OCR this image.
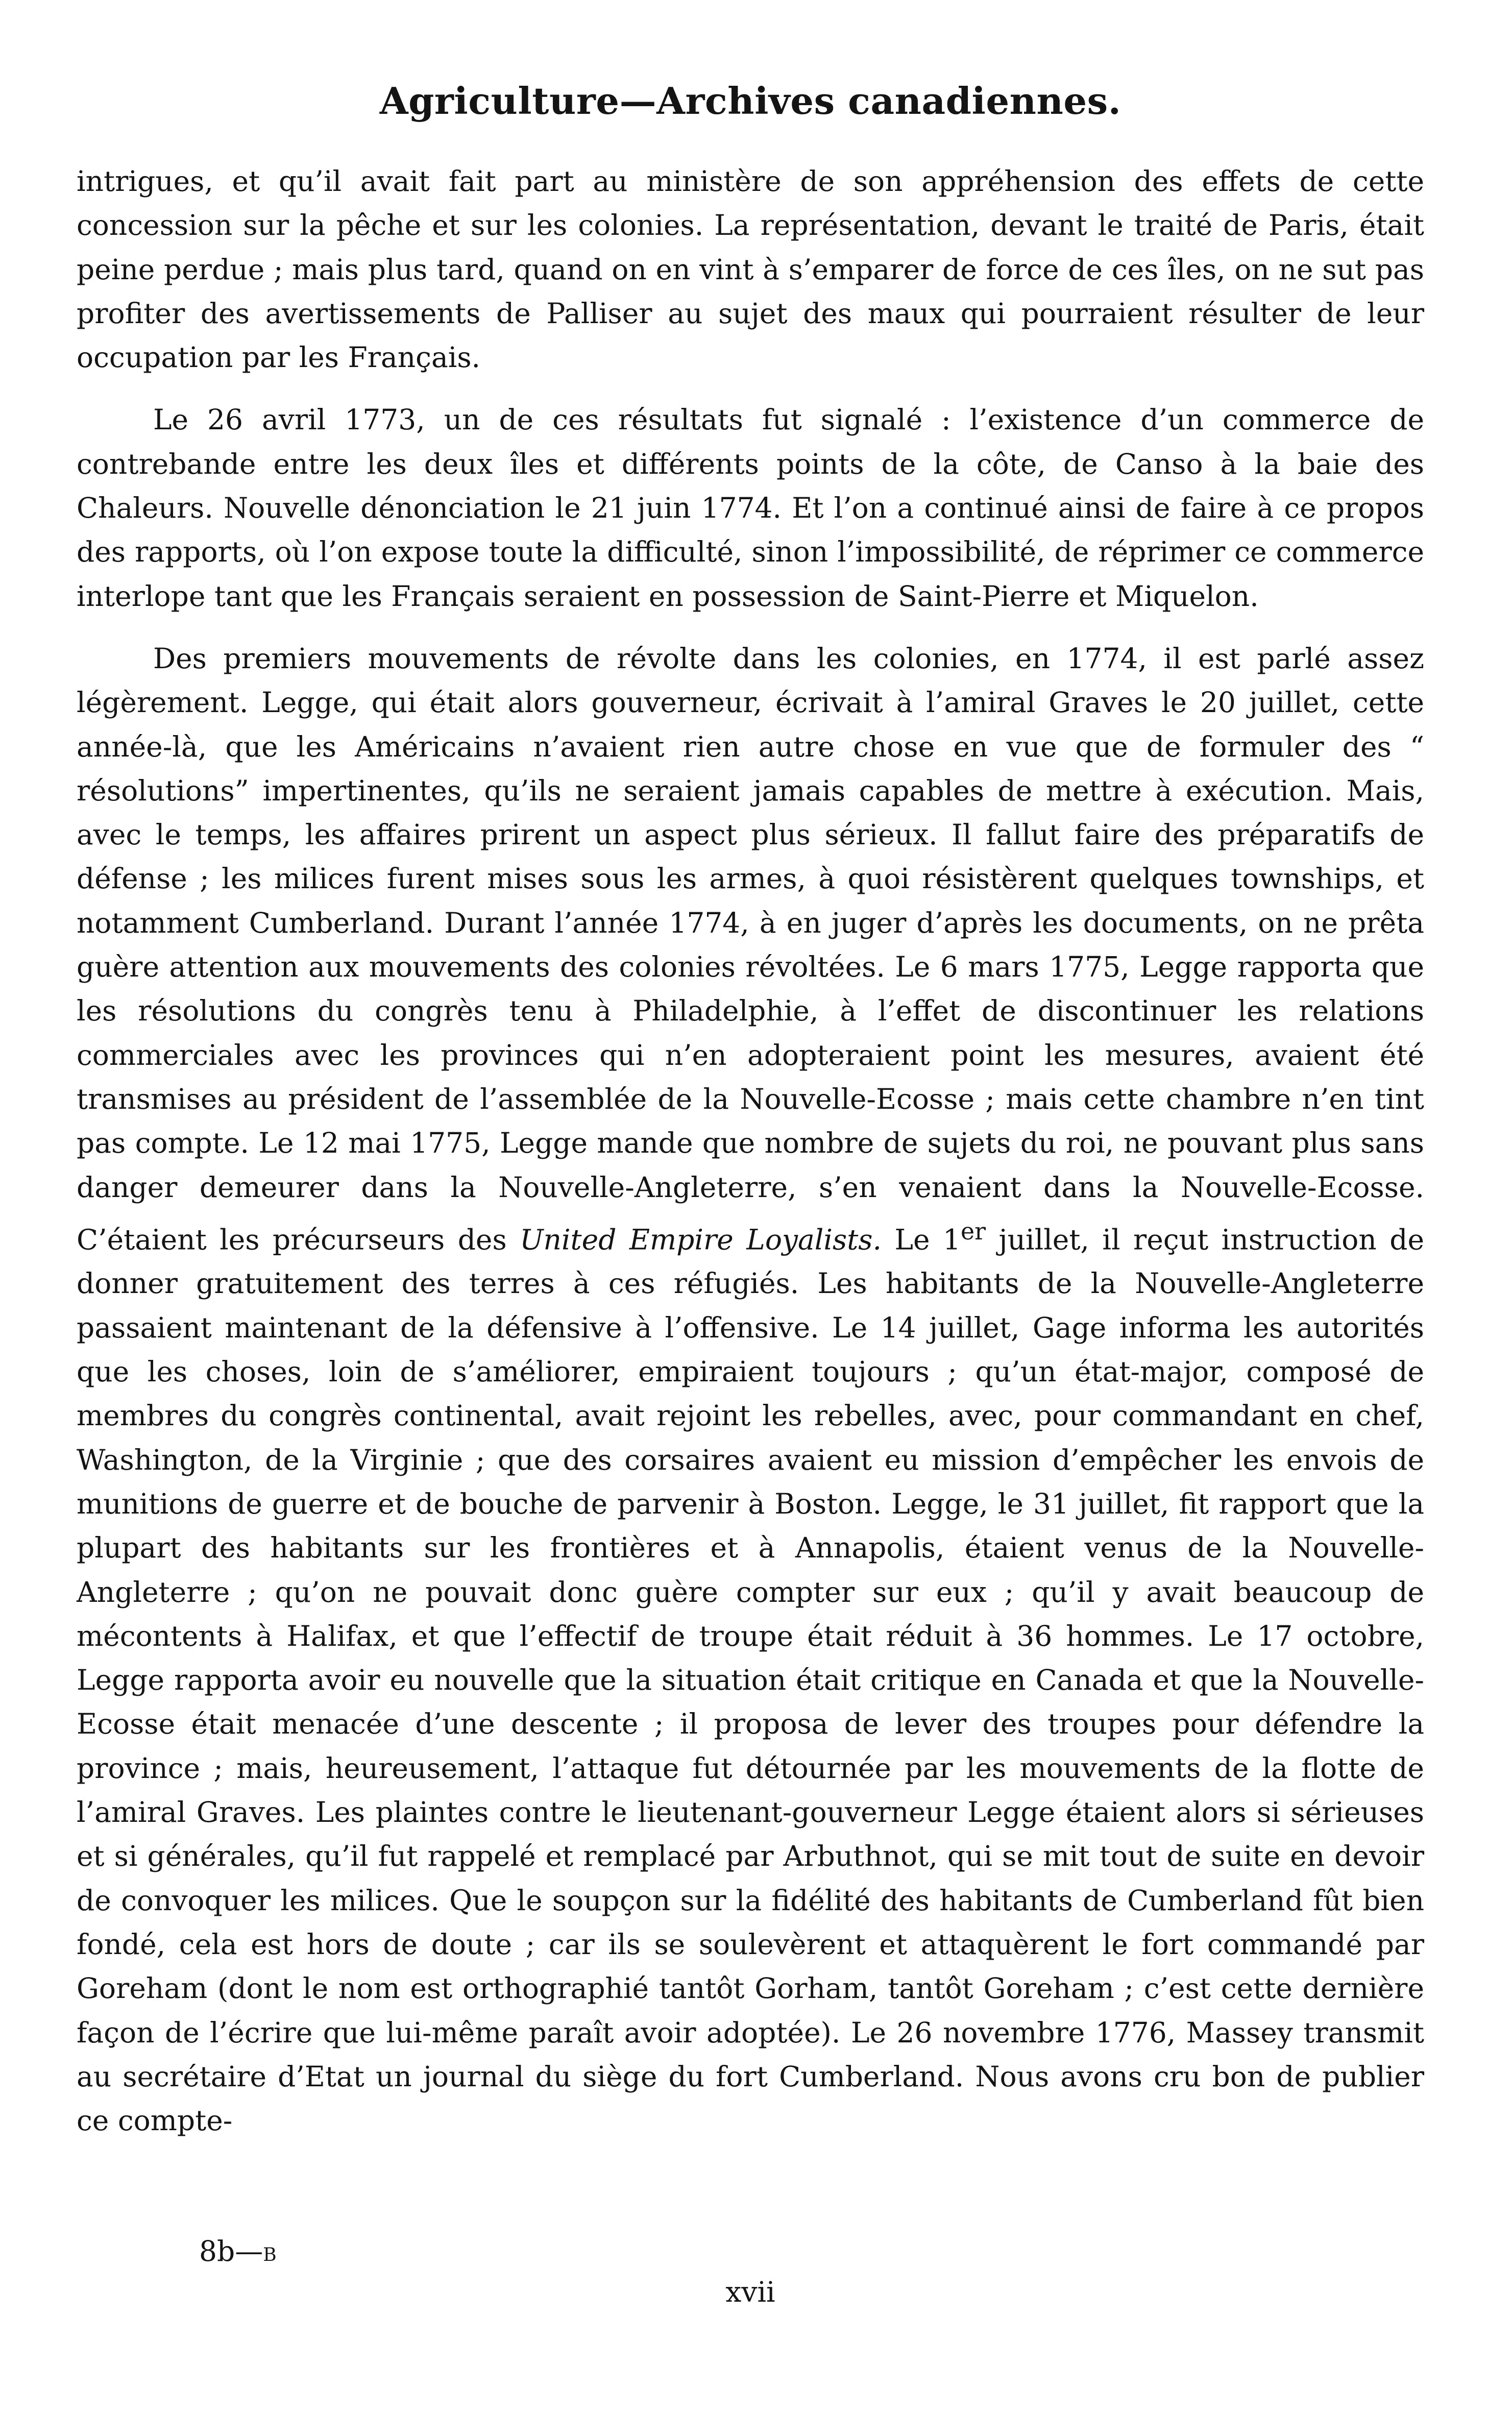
Agriculture—Archives canadiennes.

intrigues, et qu’il avait fait part au ministère de son appréhension des effets de cette concession sur la pêche et sur les colonies. La représentation, devant le traité de Paris, était peine perdue ; mais plus tard, quand on en vint à s’emparer de force de ces îles, on ne sut pas profiter des avertissements de Palliser au sujet des maux qui pourraient résulter de leur occupation par les Français.

Le 26 avril 1773, un de ces résultats fut signalé : l’existence d’un commerce de contrebande entre les deux îles et différents points de la côte, de Canso à la baie des Chaleurs. Nouvelle dénonciation le 21 juin 1774. Et l’on a continué ainsi de faire à ce propos des rapports, où l’on expose toute la difficulté, sinon l’impossibilité, de réprimer ce commerce interlope tant que les Français seraient en possession de Saint-Pierre et Miquelon.

Des premiers mouvements de révolte dans les colonies, en 1774, il est parlé assez légèrement. Legge, qui était alors gouverneur, écrivait à l’amiral Graves le 20 juillet, cette année-là, que les Américains n’avaient rien autre chose en vue que de formuler des “ résolutions” impertinentes, qu’ils ne seraient jamais capables de mettre à exécution. Mais, avec le temps, les affaires prirent un aspect plus sérieux. Il fallut faire des préparatifs de défense ; les milices furent mises sous les armes, à quoi résistèrent quelques townships, et notamment Cumberland. Durant l’année 1774, à en juger d’après les documents, on ne prêta guère attention aux mouvements des colonies révoltées. Le 6 mars 1775, Legge rapporta que les résolutions du congrès tenu à Philadelphie, à l’effet de discontinuer les relations commerciales avec les provinces qui n’en adopteraient point les mesures, avaient été transmises au président de l’assemblée de la Nouvelle-Ecosse ; mais cette chambre n’en tint pas compte. Le 12 mai 1775, Legge mande que nombre de sujets du roi, ne pouvant plus sans danger demeurer dans la Nouvelle-Angleterre, s’en venaient dans la Nouvelle-Ecosse. C’étaient les précurseurs des United Empire Loyalists. Le 1er juillet, il reçut instruction de donner gratuitement des terres à ces réfugiés. Les habitants de la Nouvelle-Angleterre passaient maintenant de la défensive à l’offensive. Le 14 juillet, Gage informa les autorités que les choses, loin de s’améliorer, empiraient toujours ; qu’un état-major, composé de membres du congrès continental, avait rejoint les rebelles, avec, pour commandant en chef, Washington, de la Virginie ; que des corsaires avaient eu mission d’empêcher les envois de munitions de guerre et de bouche de parvenir à Boston. Legge, le 31 juillet, fit rapport que la plupart des habitants sur les frontières et à Annapolis, étaient venus de la Nouvelle-Angleterre ; qu’on ne pouvait donc guère compter sur eux ; qu’il y avait beaucoup de mécontents à Halifax, et que l’effectif de troupe était réduit à 36 hommes. Le 17 octobre, Legge rapporta avoir eu nouvelle que la situation était critique en Canada et que la Nouvelle-Ecosse était menacée d’une descente ; il proposa de lever des troupes pour défendre la province ; mais, heureusement, l’attaque fut détournée par les mouvements de la flotte de l’amiral Graves. Les plaintes contre le lieutenant-gouverneur Legge étaient alors si sérieuses et si générales, qu’il fut rappelé et remplacé par Arbuthnot, qui se mit tout de suite en devoir de convoquer les milices. Que le soupçon sur la fidélité des habitants de Cumberland fût bien fondé, cela est hors de doute ; car ils se soulevèrent et attaquèrent le fort commandé par Goreham (dont le nom est orthographié tantôt Gorham, tantôt Goreham ; c’est cette dernière façon de l’écrire que lui-même paraît avoir adoptée). Le 26 novembre 1776, Massey transmit au secrétaire d’Etat un journal du siège du fort Cumberland. Nous avons cru bon de publier ce compte-

8b—B
xvii
